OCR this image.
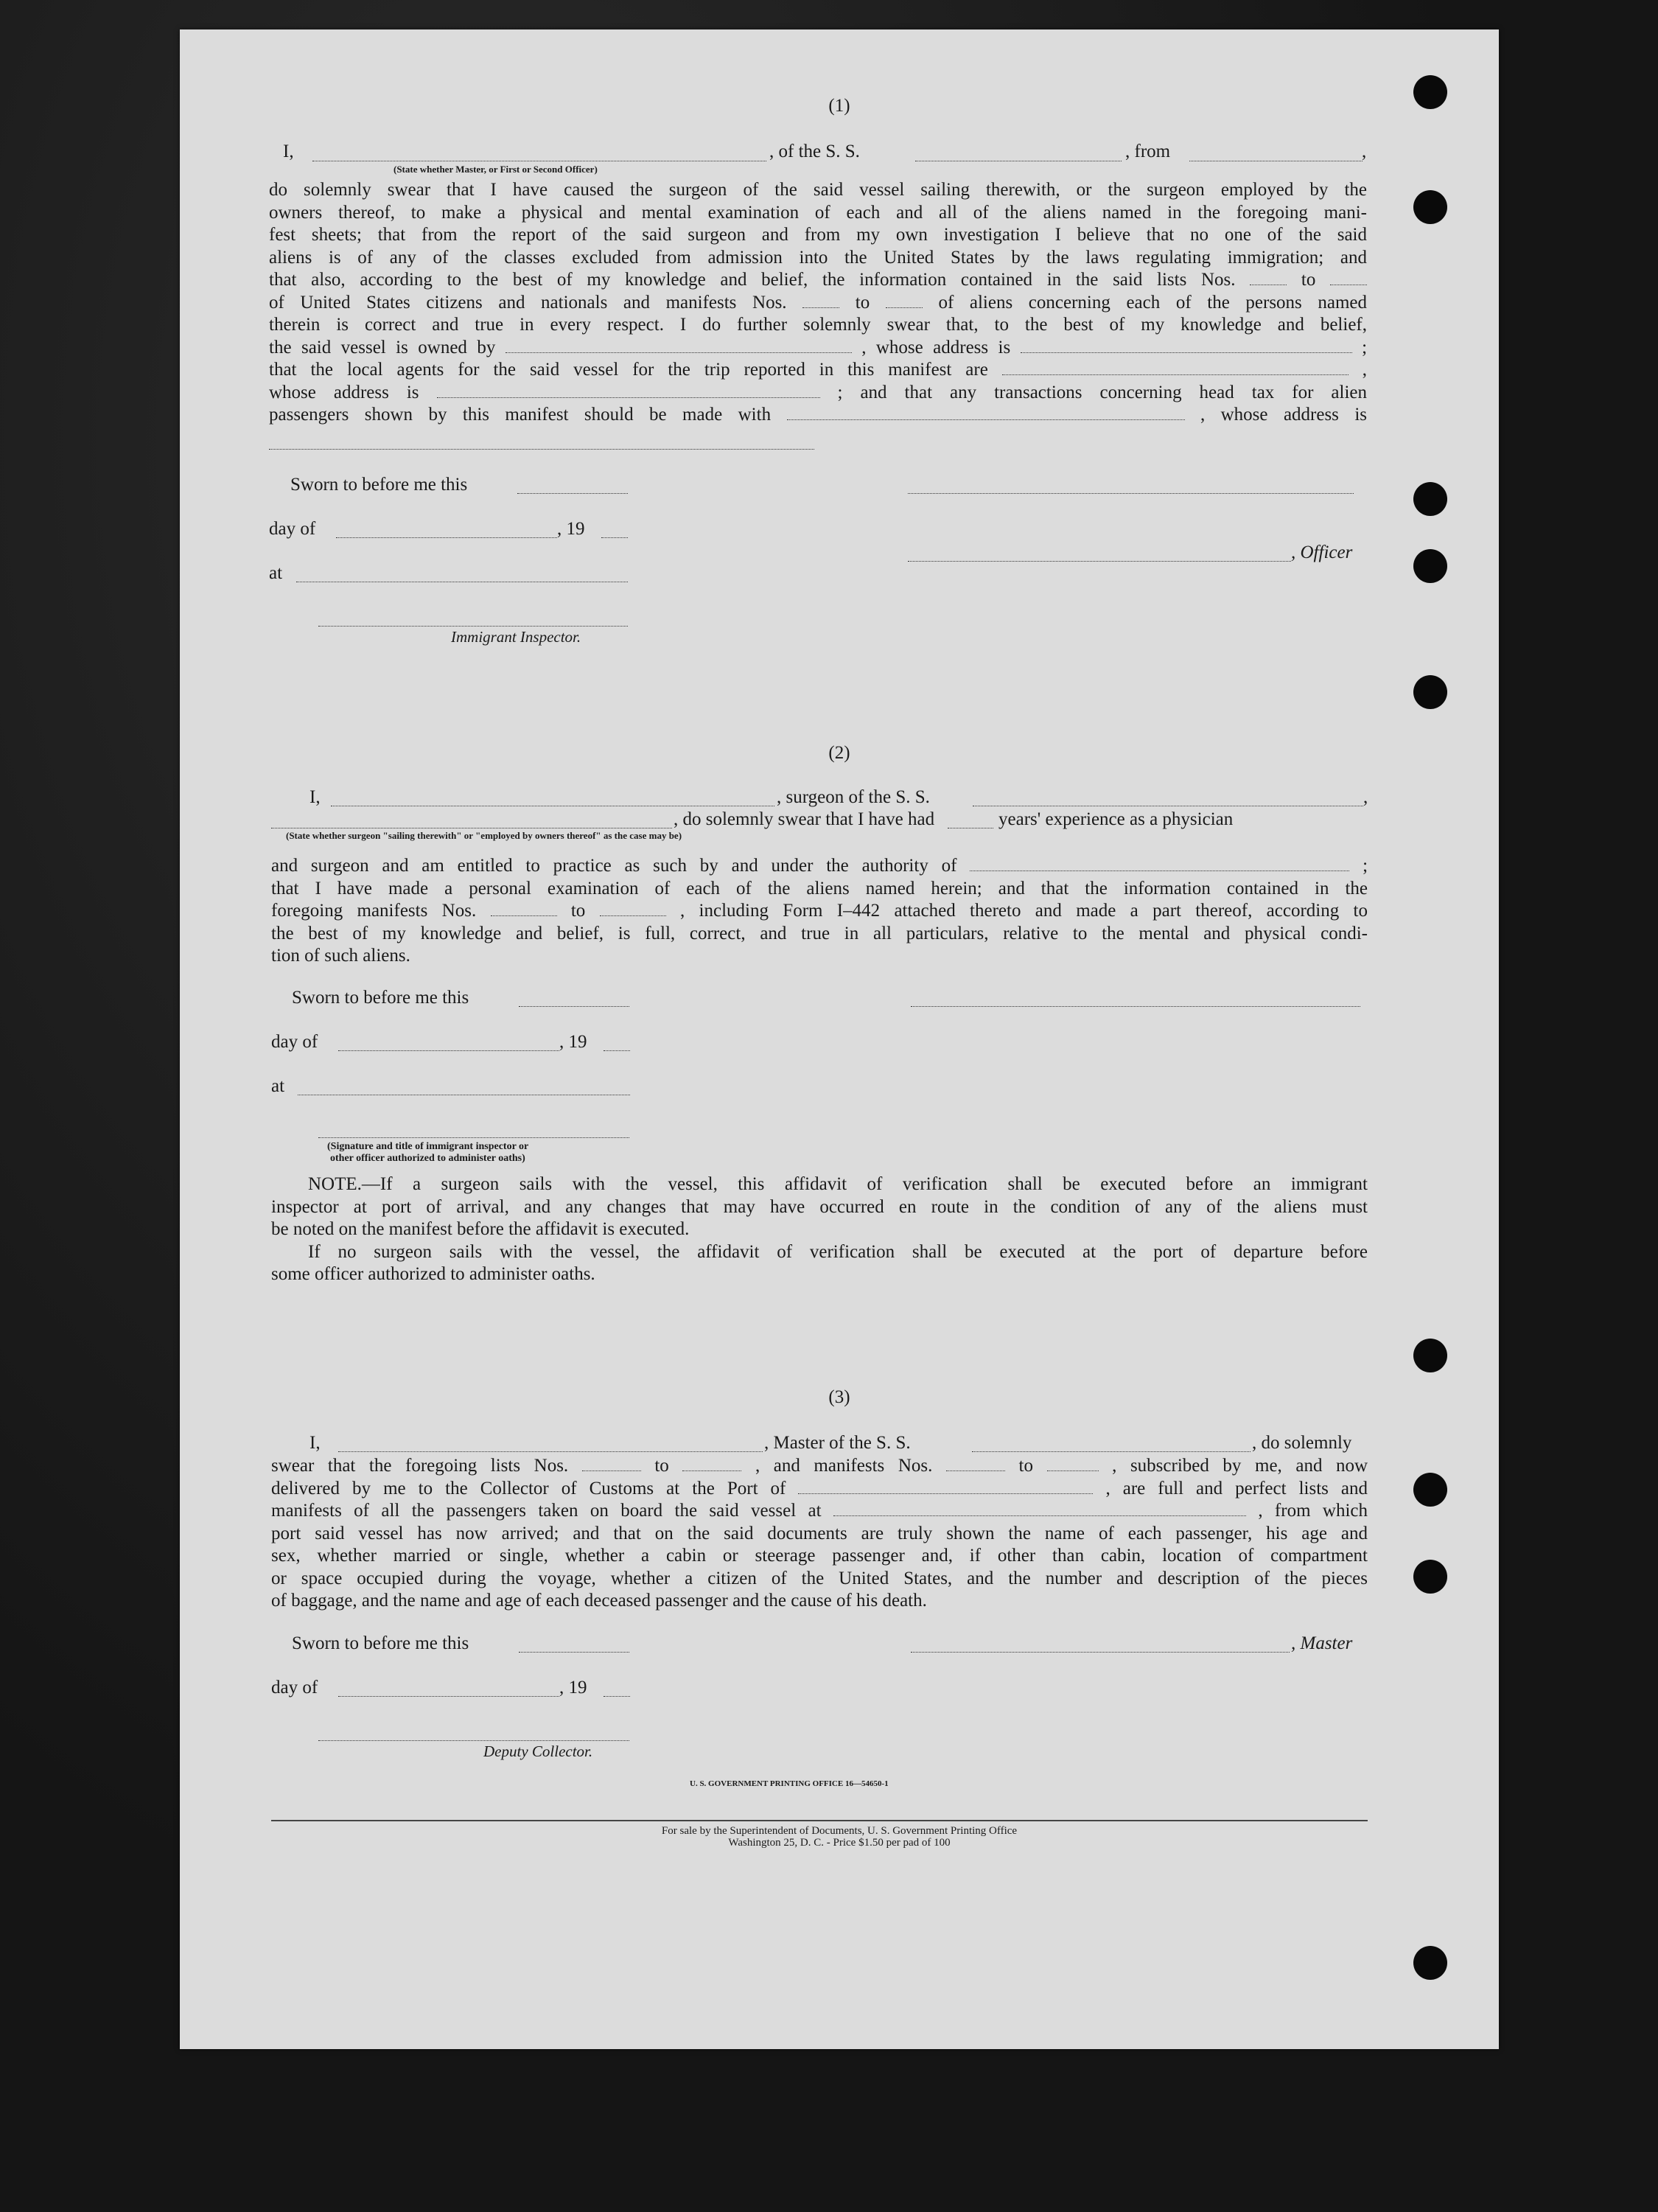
(1)
I,
(State whether Master, or First or Second Officer)
, of the S. S.	, from	,
do solemnly swear that I have caused the surgeon of the said vessel sailing therewith, or the surgeon employed by the
owners thereof, to make a physical and mental examination of each and all of the aliens named in the foregoing mani-
fest sheets; that from the report of the said surgeon and from my own investigation I believe that no one of the said
aliens is of any of the classes excluded from admission into the United States by the laws regulating immigration; and
that also, according to the best of my knowledge and belief, the information contained in the said lists Nos.	to
of United States citizens and nationals and manifests Nos.	to	of aliens concerning each of the persons named
therein is correct and true in every respect. I do further solemnly swear that, to the best of my knowledge and belief,
the said vessel is owned by	, whose address is	;
that the local agents for the said vessel for the trip reported in this manifest are	,
whose address is	; and that any transactions concerning head tax for alien
passengers shown by this manifest should be made with	, whose address is
Sworn to before me this
day of	, 19
at
, Officer
Immigrant Inspector.
(2)
I,	, surgeon of the S. S.	,
, do solemnly swear that I have had	years' experience as a physician
(State whether surgeon "sailing therewith" or "employed by owners thereof" as the case may be)
and surgeon and am entitled to practice as such by and under the authority of	;
that I have made a personal examination of each of the aliens named herein; and that the information contained in the
foregoing manifests Nos.	to	, including Form I–442 attached thereto and made a part thereof, according to
the best of my knowledge and belief, is full, correct, and true in all particulars, relative to the mental and physical condi-
tion of such aliens.
Sworn to before me this
day of	, 19
at
(Signature and title of immigrant inspector or
other officer authorized to administer oaths)
NOTE.—If a surgeon sails with the vessel, this affidavit of verification shall be executed before an immigrant
inspector at port of arrival, and any changes that may have occurred en route in the condition of any of the aliens must
be noted on the manifest before the affidavit is executed.
If no surgeon sails with the vessel, the affidavit of verification shall be executed at the port of departure before
some officer authorized to administer oaths.
(3)
I,	, Master of the S. S.	, do solemnly
swear that the foregoing lists Nos.	to	, and manifests Nos.	to	, subscribed by me, and now
delivered by me to the Collector of Customs at the Port of	, are full and perfect lists and
manifests of all the passengers taken on board the said vessel at	, from which
port said vessel has now arrived; and that on the said documents are truly shown the name of each passenger, his age and
sex, whether married or single, whether a cabin or steerage passenger and, if other than cabin, location of compartment
or space occupied during the voyage, whether a citizen of the United States, and the number and description of the pieces
of baggage, and the name and age of each deceased passenger and the cause of his death.
Sworn to before me this	, Master
day of	, 19
Deputy Collector.
U. S. GOVERNMENT PRINTING OFFICE 16—54650-1
For sale by the Superintendent of Documents, U. S. Government Printing Office
Washington 25, D. C. - Price $1.50 per pad of 100
